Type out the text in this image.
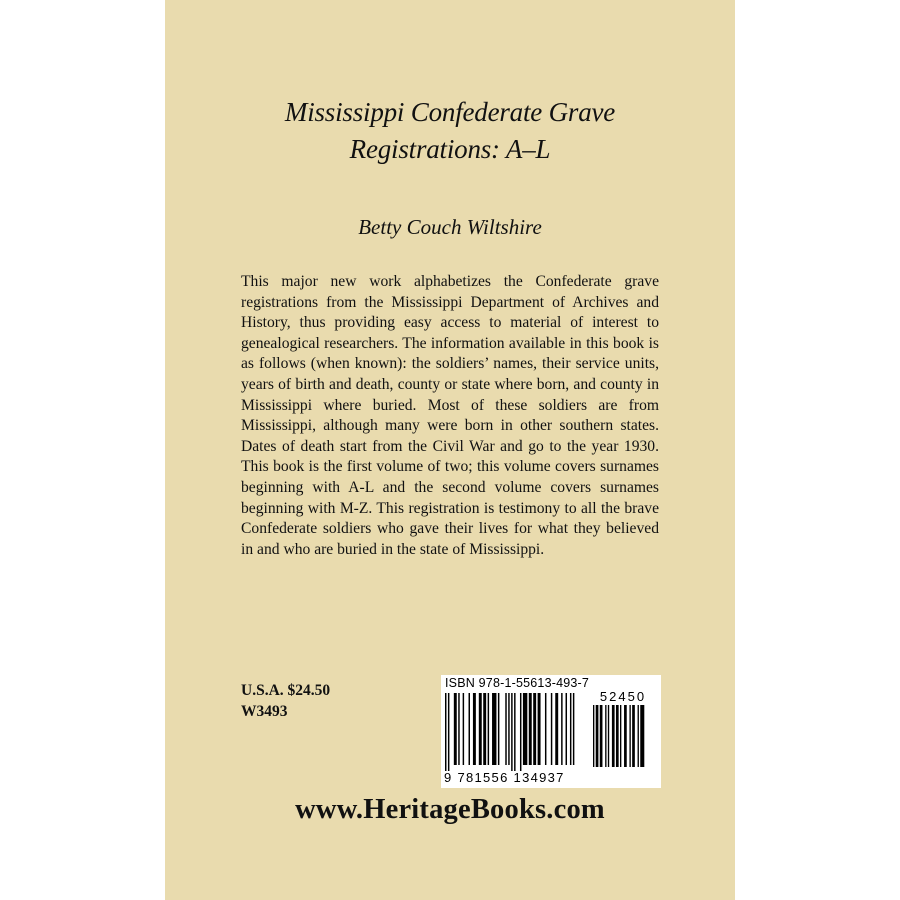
Mississippi Confederate Grave
Registrations: A–L
Betty Couch Wiltshire

This major new work alphabetizes the Confederate grave registrations from the Mississippi Department of Archives and History, thus providing easy access to material of interest to genealogical researchers. The information available in this book is as follows (when known): the soldiers’ names, their service units, years of birth and death, county or state where born, and county in Mississippi where buried. Most of these soldiers are from Mississippi, although many were born in other southern states. Dates of death start from the Civil War and go to the year 1930. This book is the first volume of two; this volume covers surnames beginning with A-L and the second volume covers surnames beginning with M-Z. This registration is testimony to all the brave Confederate soldiers who gave their lives for what they believed in and who are buried in the state of Mississippi.

U.S.A. $24.50
W3493
ISBN 978-1-55613-493-7
52450
9 781556 134937
www.HeritageBooks.com
